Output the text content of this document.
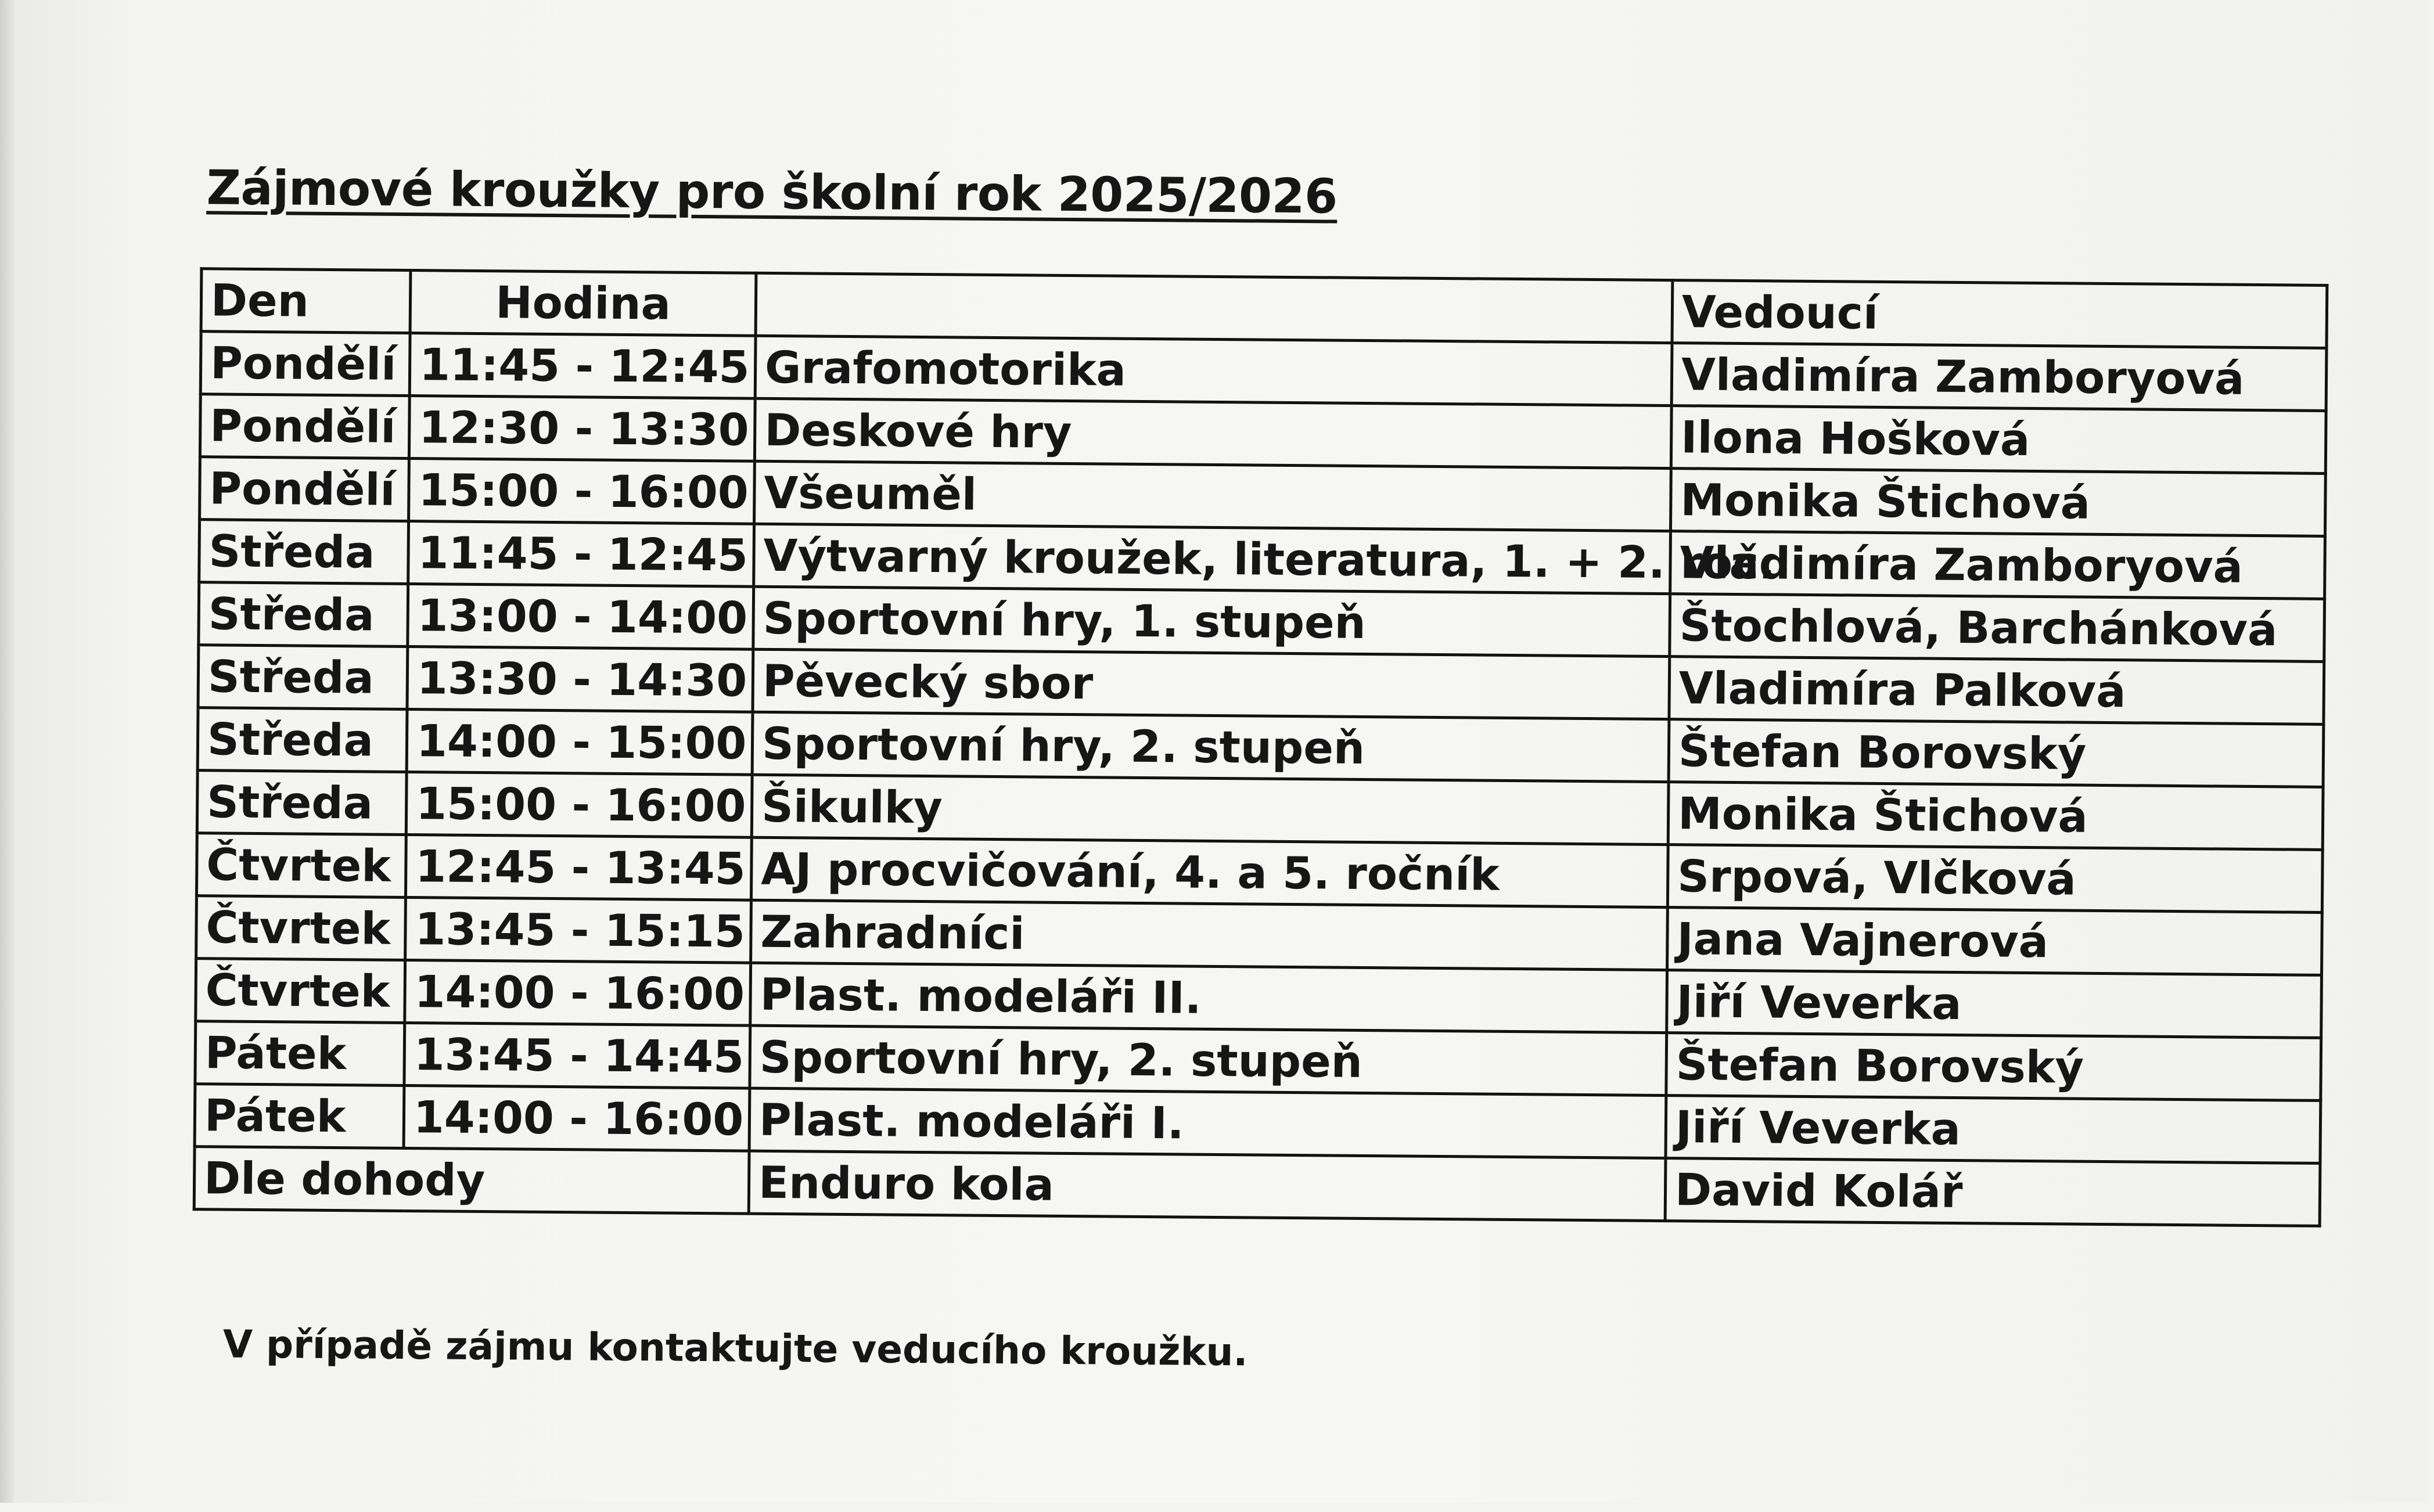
Zájmové kroužky pro školní rok 2025/2026
Den	Hodina		Vedoucí
Pondělí	11:45 - 12:45	Grafomotorika	Vladimíra Zamboryová
Pondělí	12:30 - 13:30	Deskové hry	Ilona Hošková
Pondělí	15:00 - 16:00	Všeuměl	Monika Štichová
Středa	11:45 - 12:45	Výtvarný kroužek, literatura, 1. + 2. roč.	Vladimíra Zamboryová
Středa	13:00 - 14:00	Sportovní hry, 1. stupeň	Štochlová, Barchánková
Středa	13:30 - 14:30	Pěvecký sbor	Vladimíra Palková
Středa	14:00 - 15:00	Sportovní hry, 2. stupeň	Štefan Borovský
Středa	15:00 - 16:00	Šikulky	Monika Štichová
Čtvrtek	12:45 - 13:45	AJ procvičování, 4. a 5. ročník	Srpová, Vlčková
Čtvrtek	13:45 - 15:15	Zahradníci	Jana Vajnerová
Čtvrtek	14:00 - 16:00	Plast. modeláři II.	Jiří Veverka
Pátek	13:45 - 14:45	Sportovní hry, 2. stupeň	Štefan Borovský
Pátek	14:00 - 16:00	Plast. modeláři I.	Jiří Veverka
Dle dohody		Enduro kola	David Kolář
V případě zájmu kontaktujte veducího kroužku.
